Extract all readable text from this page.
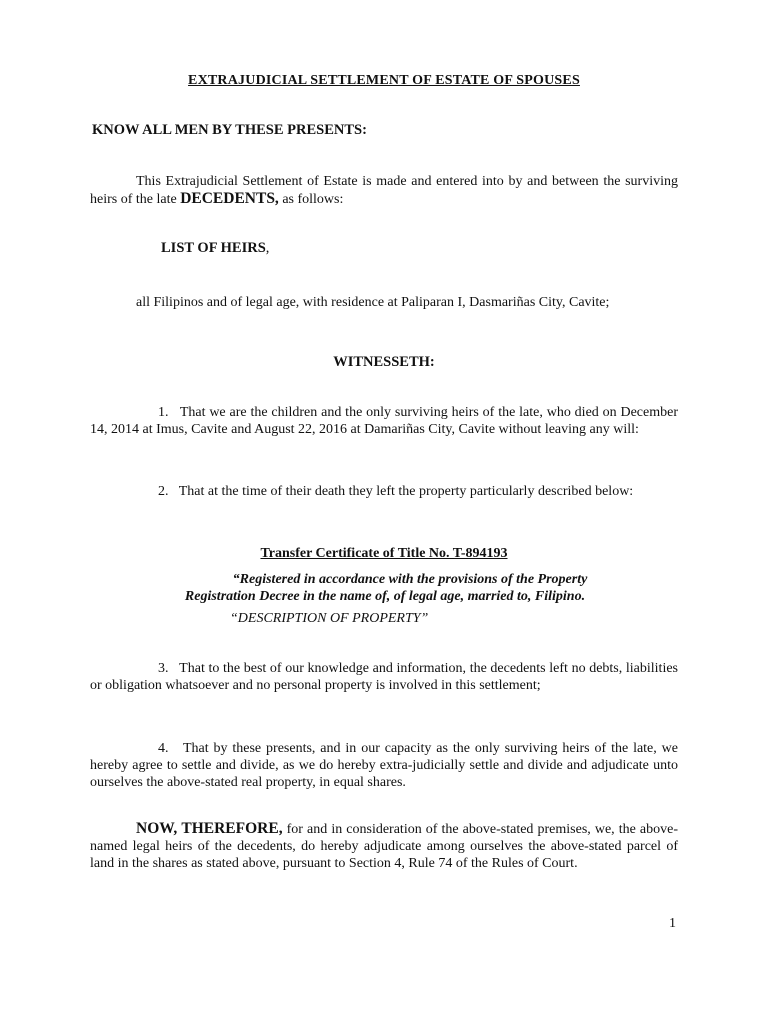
EXTRAJUDICIAL SETTLEMENT OF ESTATE OF SPOUSES

KNOW ALL MEN BY THESE PRESENTS:

This Extrajudicial Settlement of Estate is made and entered into by and between the surviving heirs of the late DECEDENTS, as follows:

LIST OF HEIRS,

all Filipinos and of legal age, with residence at Paliparan I, Dasmariñas City, Cavite;

WITNESSETH:

1. That we are the children and the only surviving heirs of the late, who died on December 14, 2014 at Imus, Cavite and August 22, 2016 at Damariñas City, Cavite without leaving any will:

2. That at the time of their death they left the property particularly described below:

Transfer Certificate of Title No. T-894193

“Registered in accordance with the provisions of the Property
Registration Decree in the name of, of legal age, married to, Filipino.

“DESCRIPTION OF PROPERTY”

3. That to the best of our knowledge and information, the decedents left no debts, liabilities or obligation whatsoever and no personal property is involved in this settlement;

4. That by these presents, and in our capacity as the only surviving heirs of the late, we hereby agree to settle and divide, as we do hereby extra-judicially settle and divide and adjudicate unto ourselves the above-stated real property, in equal shares.

NOW, THEREFORE, for and in consideration of the above-stated premises, we, the above-named legal heirs of the decedents, do hereby adjudicate among ourselves the above-stated parcel of land in the shares as stated above, pursuant to Section 4, Rule 74 of the Rules of Court.

1
